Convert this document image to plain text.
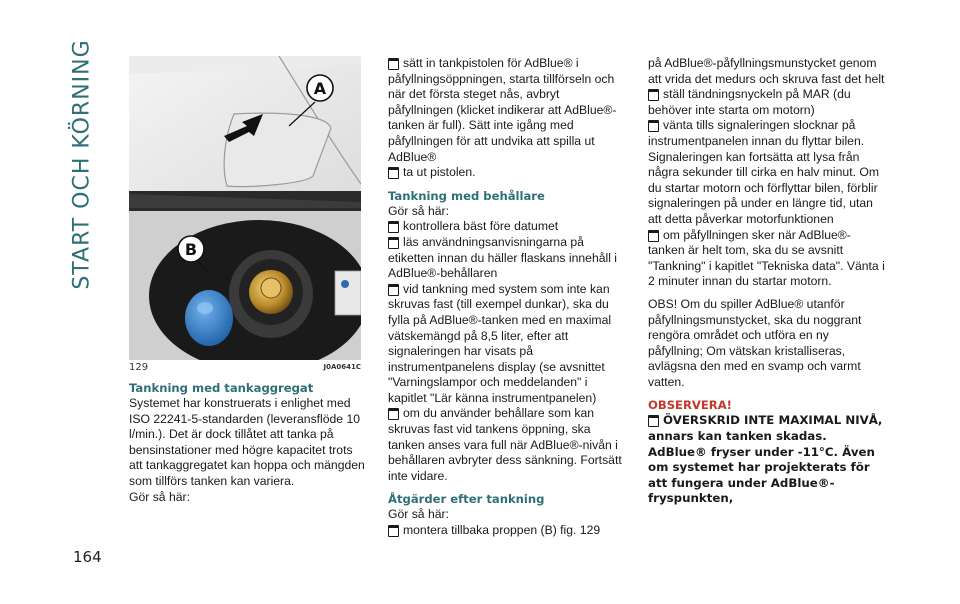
START OCH KÖRNING	A
B
129	J0A0641C

Tankning med tankaggregat

Systemet har konstruerats i enlighet med ISO 22241-5-standarden (leveransflöde 10 l/min.). Det är dock tillåtet att tanka på bensinstationer med högre kapacitet trots att tankaggregatet kan hoppa och mängden som tillförs tanken kan variera.

Gör så här:

sätt in tankpistolen för AdBlue® i påfyllningsöppningen, starta tillförseln och när det första steget nås, avbryt påfyllningen (klicket indikerar att AdBlue®-tanken är full). Sätt inte igång med påfyllningen för att undvika att spilla ut AdBlue®

ta ut pistolen.

Tankning med behållare

Gör så här:

kontrollera bäst före datumet

läs användningsanvisningarna på etiketten innan du häller flaskans innehåll i AdBlue®-behållaren

vid tankning med system som inte kan skruvas fast (till exempel dunkar), ska du fylla på AdBlue®-tanken med en maximal vätskemängd på 8,5 liter, efter att signaleringen har visats på instrumentpanelens display (se avsnittet "Varningslampor och meddelanden" i kapitlet "Lär känna instrumentpanelen)

om du använder behållare som kan skruvas fast vid tankens öppning, ska tanken anses vara full när AdBlue®-nivån i behållaren avbryter dess sänkning. Fortsätt inte vidare.

Åtgärder efter tankning

Gör så här:

montera tillbaka proppen (B) fig. 129

på AdBlue®-påfyllningsmunstycket genom att vrida det medurs och skruva fast det helt

ställ tändningsnyckeln på MAR (du behöver inte starta om motorn)

vänta tills signaleringen slocknar på instrumentpanelen innan du flyttar bilen. Signaleringen kan fortsätta att lysa från några sekunder till cirka en halv minut. Om du startar motorn och förflyttar bilen, förblir signaleringen på under en längre tid, utan att detta påverkar motorfunktionen

om påfyllningen sker när AdBlue®-tanken är helt tom, ska du se avsnitt "Tankning" i kapitlet "Tekniska data". Vänta i 2 minuter innan du startar motorn.

OBS! Om du spiller AdBlue® utanför påfyllningsmunstycket, ska du noggrant rengöra området och utföra en ny påfyllning; Om vätskan kristalliseras, avlägsna den med en svamp och varmt vatten.

OBSERVERA!

ÖVERSKRID INTE MAXIMAL NIVÅ, annars kan tanken skadas. AdBlue® fryser under -11°C. Även om systemet har projekterats för att fungera under AdBlue®-fryspunkten,

164
